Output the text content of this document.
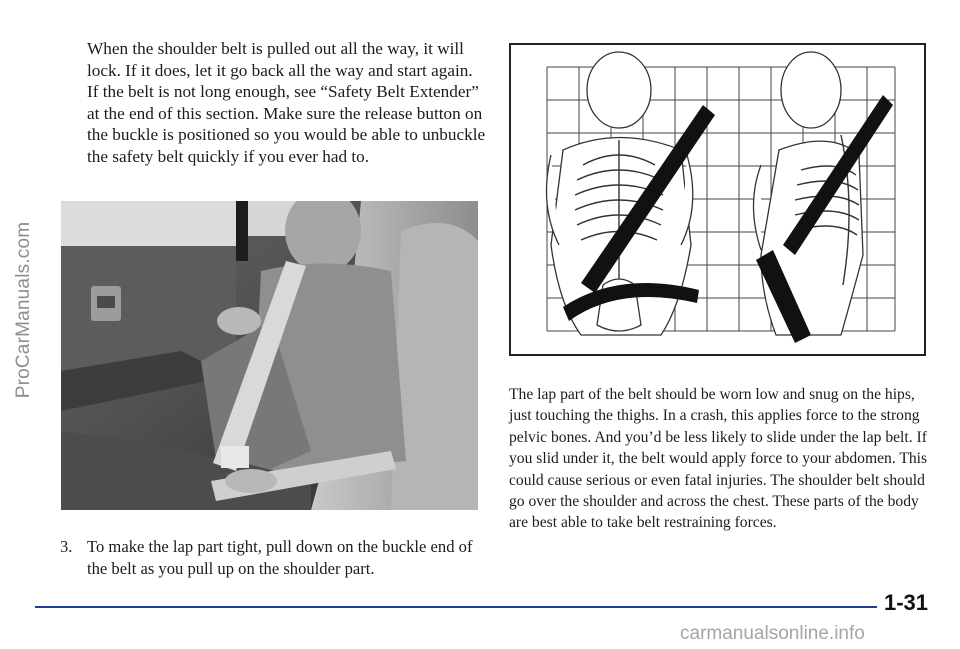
ProCarManuals.com

When the shoulder belt is pulled out all the way, it will lock. If it does, let it go back all the way and start again. If the belt is not long enough, see “Safety Belt Extender” at the end of this section. Make sure the release button on the buckle is positioned so you would be able to unbuckle the safety belt quickly if you ever had to.

3. To make the lap part tight, pull down on the buckle end of the belt as you pull up on the shoulder part.

The lap part of the belt should be worn low and snug on the hips, just touching the thighs. In a crash, this applies force to the strong pelvic bones. And you’d be less likely to slide under the lap belt. If you slid under it, the belt would apply force to your abdomen. This could cause serious or even fatal injuries. The shoulder belt should go over the shoulder and across the chest. These parts of the body are best able to take belt restraining forces.

1-31
carmanualsonline.info
